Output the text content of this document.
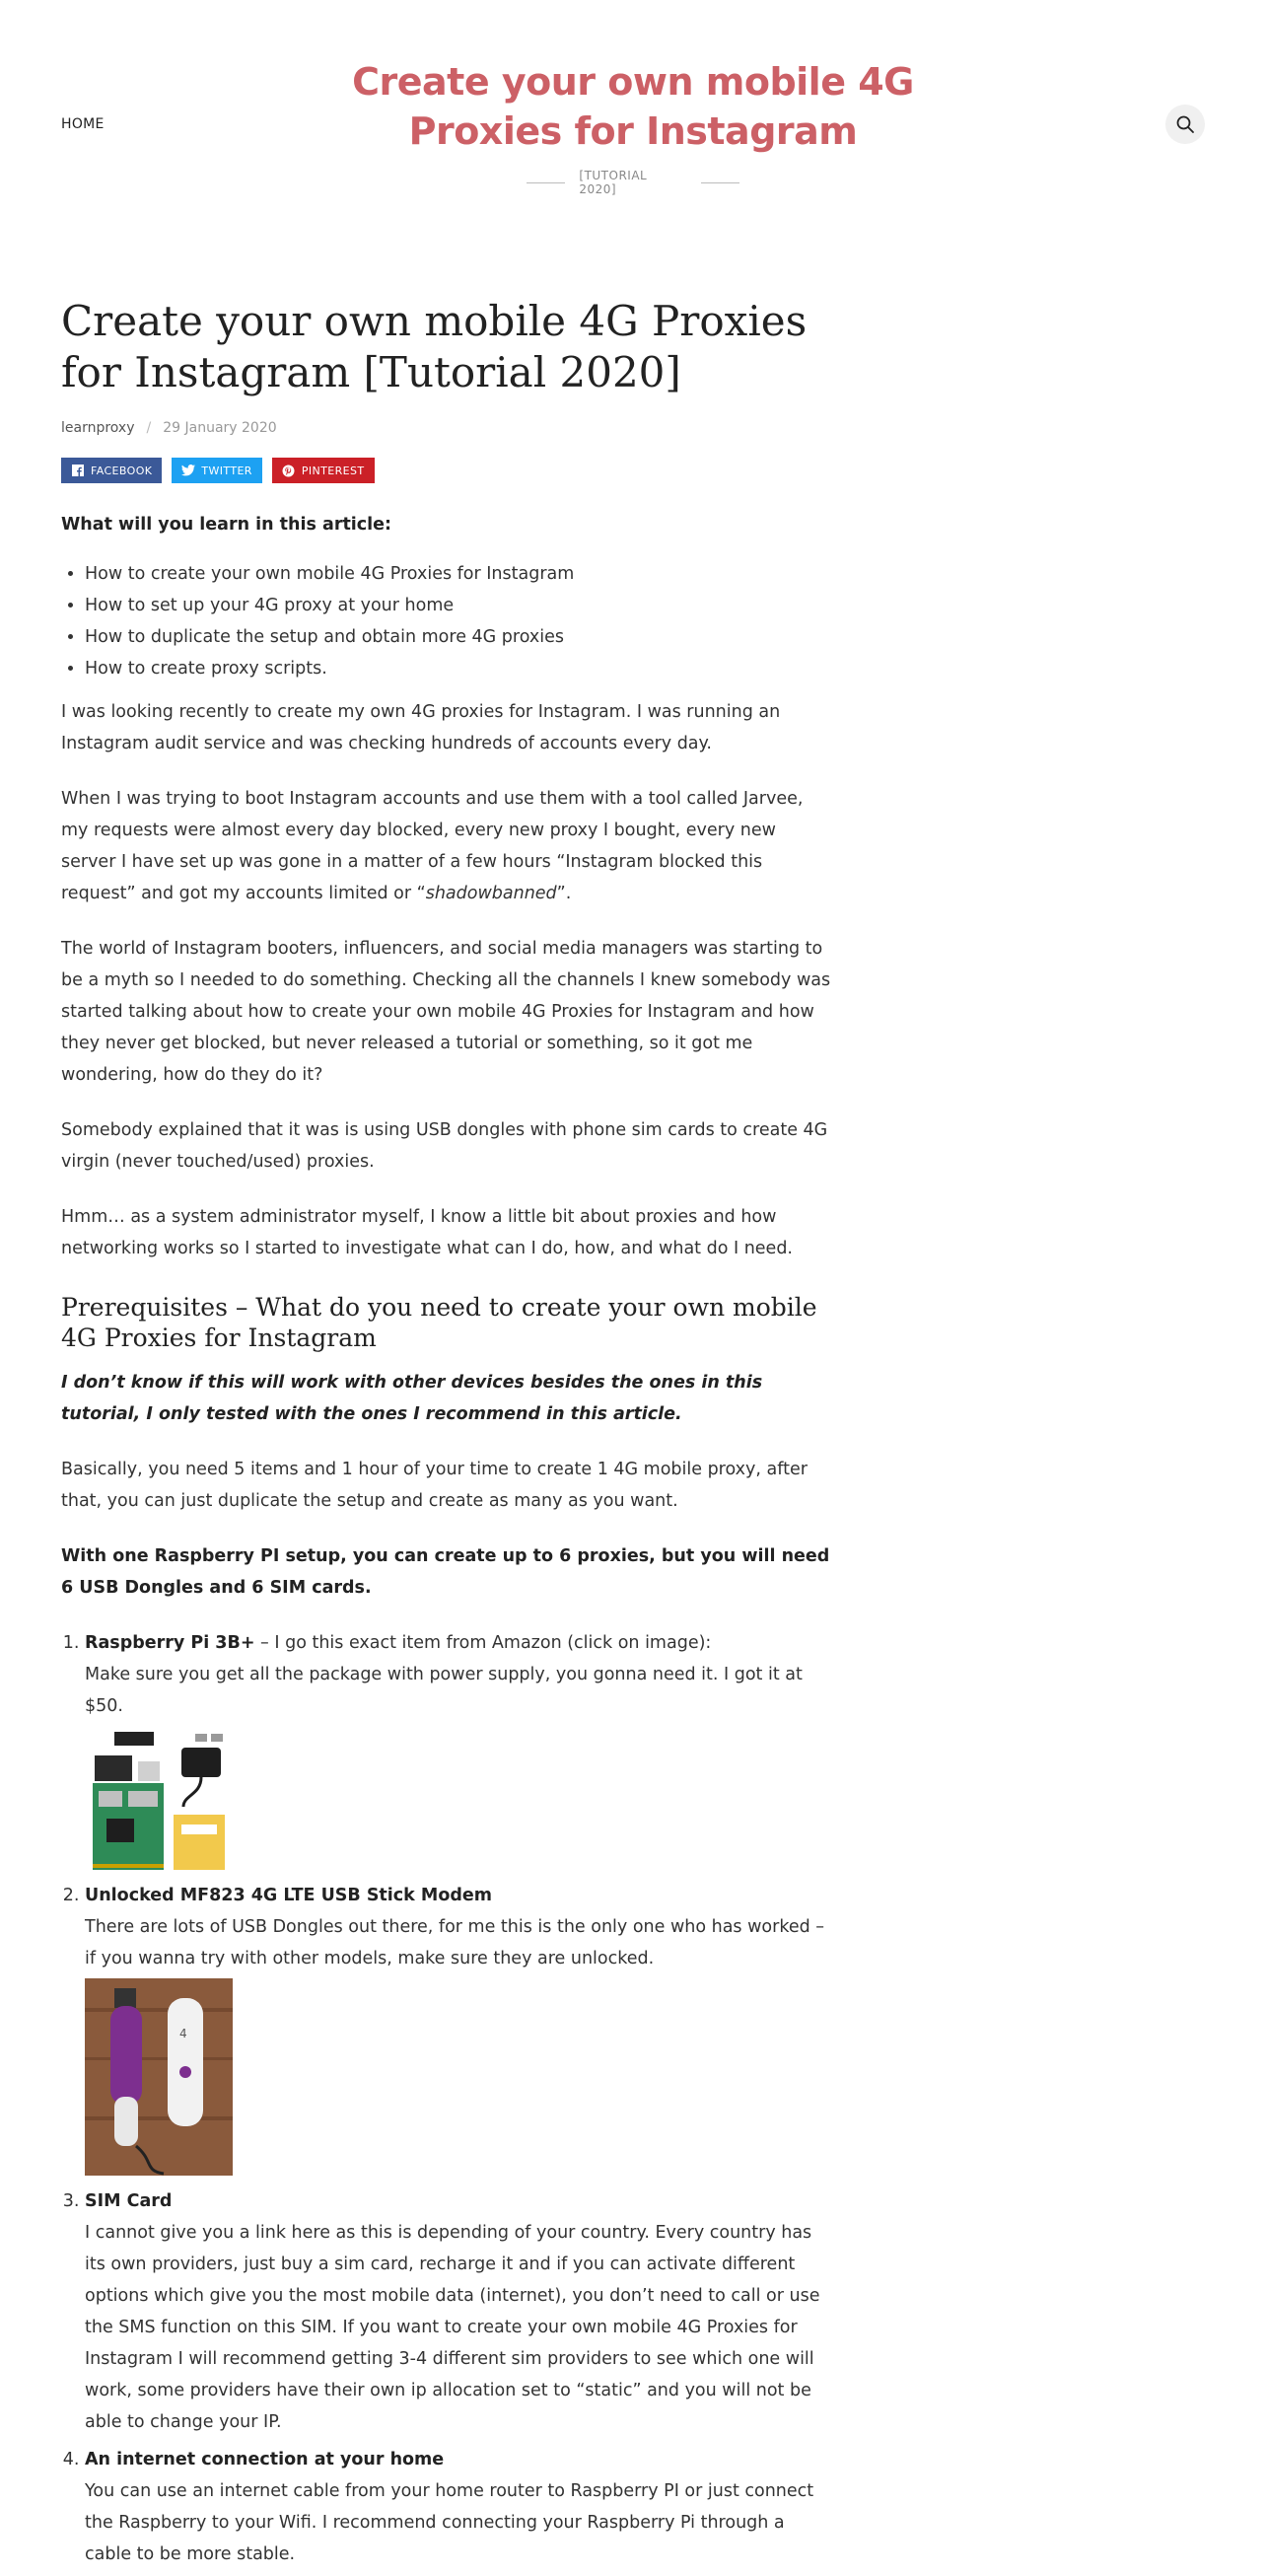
HOME
Create your own mobile 4G Proxies for Instagram
[TUTORIAL 2020]
Create your own mobile 4G Proxies for Instagram [Tutorial 2020]
learnproxy / 29 January 2020
FACEBOOK	TWITTER	PINTEREST
What will you learn in this article:
• How to create your own mobile 4G Proxies for Instagram
• How to set up your 4G proxy at your home
• How to duplicate the setup and obtain more 4G proxies
• How to create proxy scripts.

I was looking recently to create my own 4G proxies for Instagram. I was running an Instagram audit service and was checking hundreds of accounts every day.

When I was trying to boot Instagram accounts and use them with a tool called Jarvee, my requests were almost every day blocked, every new proxy I bought, every new server I have set up was gone in a matter of a few hours “Instagram blocked this request” and got my accounts limited or “shadowbanned”.

The world of Instagram booters, influencers, and social media managers was starting to be a myth so I needed to do something. Checking all the channels I knew somebody was started talking about how to create your own mobile 4G Proxies for Instagram and how they never get blocked, but never released a tutorial or something, so it got me wondering, how do they do it?

Somebody explained that it was is using USB dongles with phone sim cards to create 4G virgin (never touched/used) proxies.

Hmm… as a system administrator myself, I know a little bit about proxies and how networking works so I started to investigate what can I do, how, and what do I need.

Prerequisites – What do you need to create your own mobile 4G Proxies for Instagram

I don’t know if this will work with other devices besides the ones in this tutorial, I only tested with the ones I recommend in this article.

Basically, you need 5 items and 1 hour of your time to create 1 4G mobile proxy, after that, you can just duplicate the setup and create as many as you want.

With one Raspberry PI setup, you can create up to 6 proxies, but you will need 6 USB Dongles and 6 SIM cards.

1. Raspberry Pi 3B+ – I go this exact item from Amazon (click on image):
Make sure you get all the package with power supply, you gonna need it. I got it at $50.
2. Unlocked MF823 4G LTE USB Stick Modem
There are lots of USB Dongles out there, for me this is the only one who has worked – if you wanna try with other models, make sure they are unlocked.
4
3. SIM Card
I cannot give you a link here as this is depending of your country. Every country has its own providers, just buy a sim card, recharge it and if you can activate different options which give you the most mobile data (internet), you don’t need to call or use the SMS function on this SIM. If you want to create your own mobile 4G Proxies for Instagram I will recommend getting 3-4 different sim providers to see which one will work, some providers have their own ip allocation set to “static” and you will not be able to change your IP.
4. An internet connection at your home
You can use an internet cable from your home router to Raspberry PI or just connect the Raspberry to your Wifi. I recommend connecting your Raspberry Pi through a cable to be more stable.
